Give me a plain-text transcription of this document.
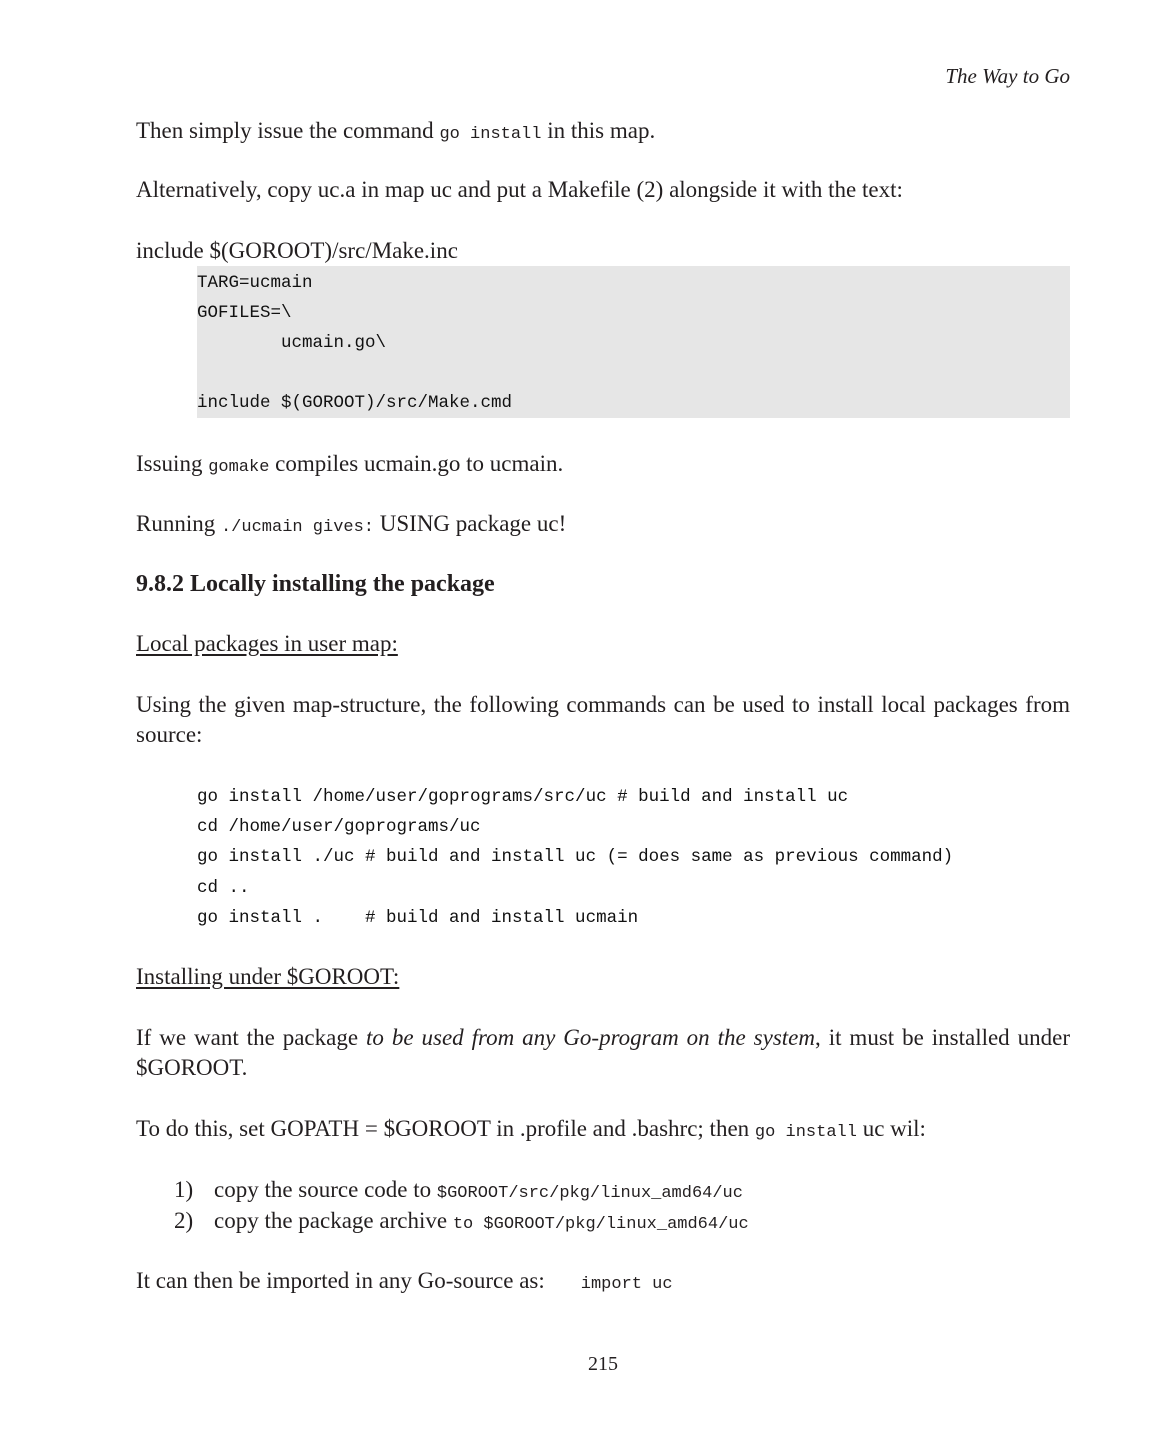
The Way to Go
Then simply issue the command go install in this map.
Alternatively, copy uc.a in map uc and put a Makefile (2) alongside it with the text:
include $(GOROOT)/src/Make.inc
TARG=ucmain
GOFILES=\
ucmain.go\
include $(GOROOT)/src/Make.cmd
Issuing gomake compiles ucmain.go to ucmain.
Running ./ucmain gives: USING package uc!
9.8.2 Locally installing the package
Local packages in user map:
Using the given map-structure, the following commands can be used to install local packages from source:
go install /home/user/goprograms/src/uc # build and install uc
cd /home/user/goprograms/uc
go install ./uc # build and install uc (= does same as previous command)
cd ..
go install .    # build and install ucmain
Installing under $GOROOT:
If we want the package to be used from any Go-program on the system, it must be installed under $GOROOT.
To do this, set GOPATH = $GOROOT in .profile and .bashrc; then go install uc wil:
1) copy the source code to $GOROOT/src/pkg/linux_amd64/uc
2) copy the package archive to $GOROOT/pkg/linux_amd64/uc
It can then be imported in any Go-source as: import uc
215
